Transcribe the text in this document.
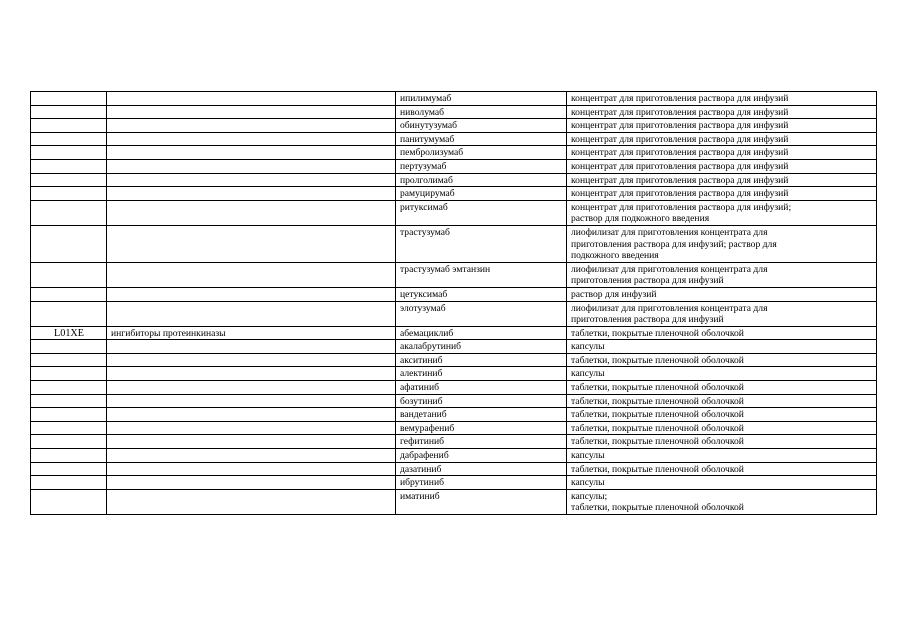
		ипилимумаб	концентрат для приготовления раствора для инфузий
		ниволумаб	концентрат для приготовления раствора для инфузий
		обинутузумаб	концентрат для приготовления раствора для инфузий
		панитумумаб	концентрат для приготовления раствора для инфузий
		пембролизумаб	концентрат для приготовления раствора для инфузий
		пертузумаб	концентрат для приготовления раствора для инфузий
		пролголимаб	концентрат для приготовления раствора для инфузий
		рамуцирумаб	концентрат для приготовления раствора для инфузий
		ритуксимаб	концентрат для приготовления раствора для инфузий;
раствор для подкожного введения
		трастузумаб	лиофилизат для приготовления концентрата для
приготовления раствора для инфузий; раствор для
подкожного введения
		трастузумаб эмтанзин	лиофилизат для приготовления концентрата для
приготовления раствора для инфузий
		цетуксимаб	раствор для инфузий
		элотузумаб	лиофилизат для приготовления концентрата для
приготовления раствора для инфузий
L01XE	ингибиторы протеинкиназы	абемациклиб	таблетки, покрытые пленочной оболочкой
		акалабрутиниб	капсулы
		акситиниб	таблетки, покрытые пленочной оболочкой
		алектиниб	капсулы
		афатиниб	таблетки, покрытые пленочной оболочкой
		бозутиниб	таблетки, покрытые пленочной оболочкой
		вандетаниб	таблетки, покрытые пленочной оболочкой
		вемурафениб	таблетки, покрытые пленочной оболочкой
		гефитиниб	таблетки, покрытые пленочной оболочкой
		дабрафениб	капсулы
		дазатиниб	таблетки, покрытые пленочной оболочкой
		ибрутиниб	капсулы
		иматиниб	капсулы;
таблетки, покрытые пленочной оболочкой
